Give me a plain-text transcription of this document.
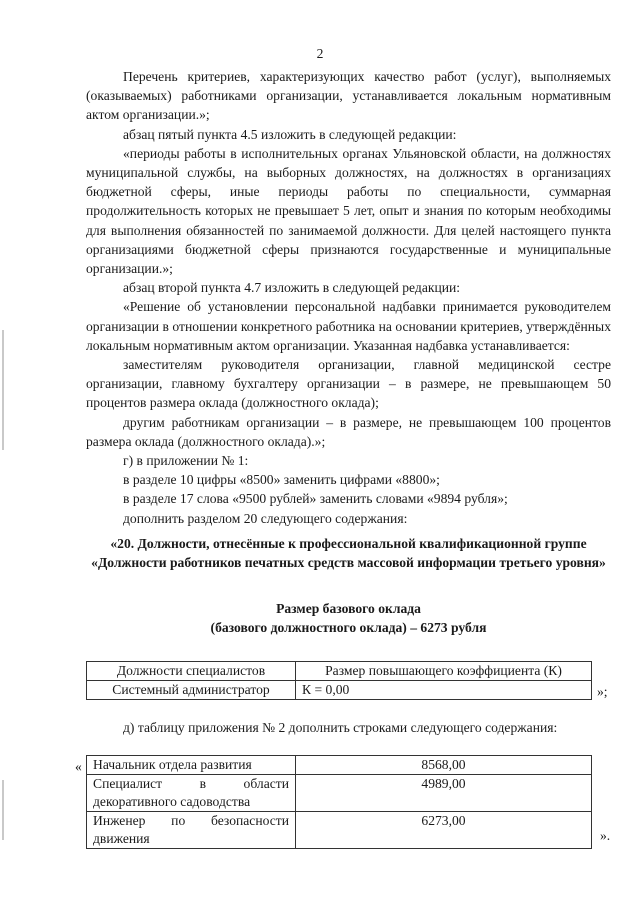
2

Перечень критериев, характеризующих качество работ (услуг), выполняемых (оказываемых) работниками организации, устанавливается локальным нормативным актом организации.»;

абзац пятый пункта 4.5 изложить в следующей редакции:

«периоды работы в исполнительных органах Ульяновской области, на должностях муниципальной службы, на выборных должностях, на должностях в организациях бюджетной сферы, иные периоды работы по специальности, суммарная продолжительность которых не превышает 5 лет, опыт и знания по которым необходимы для выполнения обязанностей по занимаемой должности. Для целей настоящего пункта организациями бюджетной сферы признаются государственные и муниципальные организации.»;

абзац второй пункта 4.7 изложить в следующей редакции:

«Решение об установлении персональной надбавки принимается руководителем организации в отношении конкретного работника на основании критериев, утверждённых локальным нормативным актом организации. Указанная надбавка устанавливается:

заместителям руководителя организации, главной медицинской сестре организации, главному бухгалтеру организации – в размере, не превышающем 50 процентов размера оклада (должностного оклада);

другим работникам организации – в размере, не превышающем 100 процентов размера оклада (должностного оклада).»;

г) в приложении № 1:

в разделе 10 цифры «8500» заменить цифрами «8800»;

в разделе 17 слова «9500 рублей» заменить словами «9894 рубля»;

дополнить разделом 20 следующего содержания:

«20. Должности, отнесённые к профессиональной квалификационной группе «Должности работников печатных средств массовой информации третьего уровня»
Размер базового оклада
(базового должностного оклада) – 6273 рубля
Должности специалистов	Размер повышающего коэффициента (К)
Системный администратор	К = 0,00	»;
д) таблицу приложения № 2 дополнить строками следующего содержания:
« Начальник отдела развития	8568,00
Специалист в области декоративного садоводства	4989,00
Инженер по безопасности движения	6273,00
».
